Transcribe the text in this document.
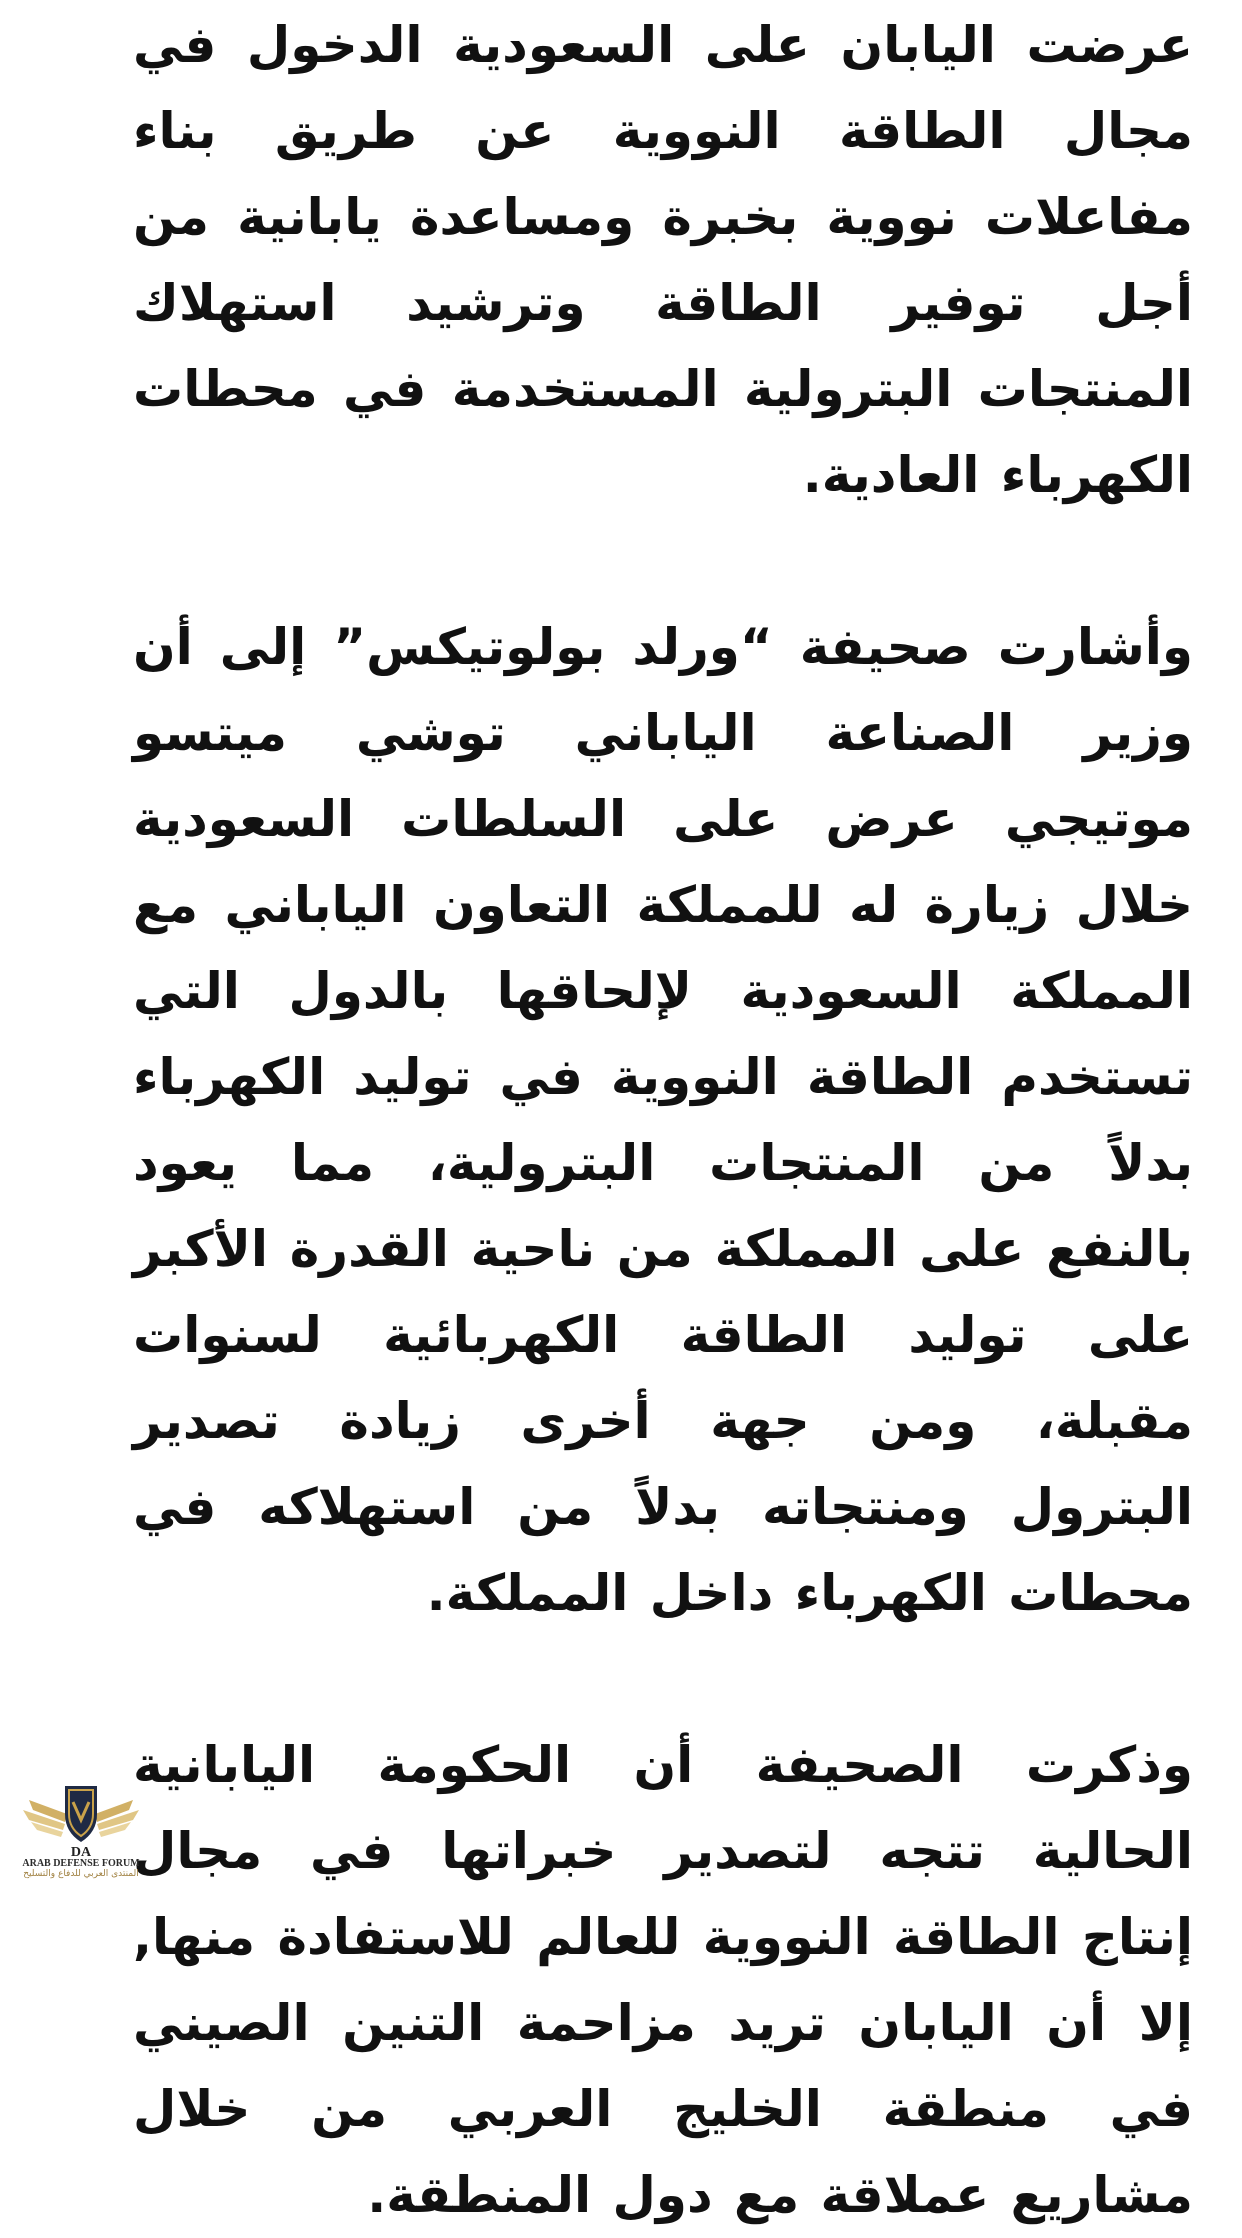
عرضت اليابان على السعودية الدخول في مجال الطاقة النووية عن طريق بناء مفاعلات نووية بخبرة ومساعدة يابانية من أجل توفير الطاقة وترشيد استهلاك المنتجات البترولية المستخدمة في محطات الكهرباء العادية.

وأشارت صحيفة “ورلد بولوتيكس” إلى أن وزير الصناعة الياباني توشي ميتسو موتيجي عرض على السلطات السعودية خلال زيارة له للمملكة التعاون الياباني مع المملكة السعودية لإلحاقها بالدول التي تستخدم الطاقة النووية في توليد الكهرباء بدلاً من المنتجات البترولية، مما يعود بالنفع على المملكة من ناحية القدرة الأكبر على توليد الطاقة الكهربائية لسنوات مقبلة، ومن جهة أخرى زيادة تصدير البترول ومنتجاته بدلاً من استهلاكه في محطات الكهرباء داخل المملكة.

وذكرت الصحيفة أن الحكومة اليابانية الحالية تتجه لتصدير خبراتها في مجال إنتاج الطاقة النووية للعالم للاستفادة منها, إلا أن اليابان تريد مزاحمة التنين الصيني في منطقة الخليج العربي من خلال مشاريع عملاقة مع دول المنطقة.

DA
ARAB DEFENSE FORUM
المنتدى العربي للدفاع والتسليح
